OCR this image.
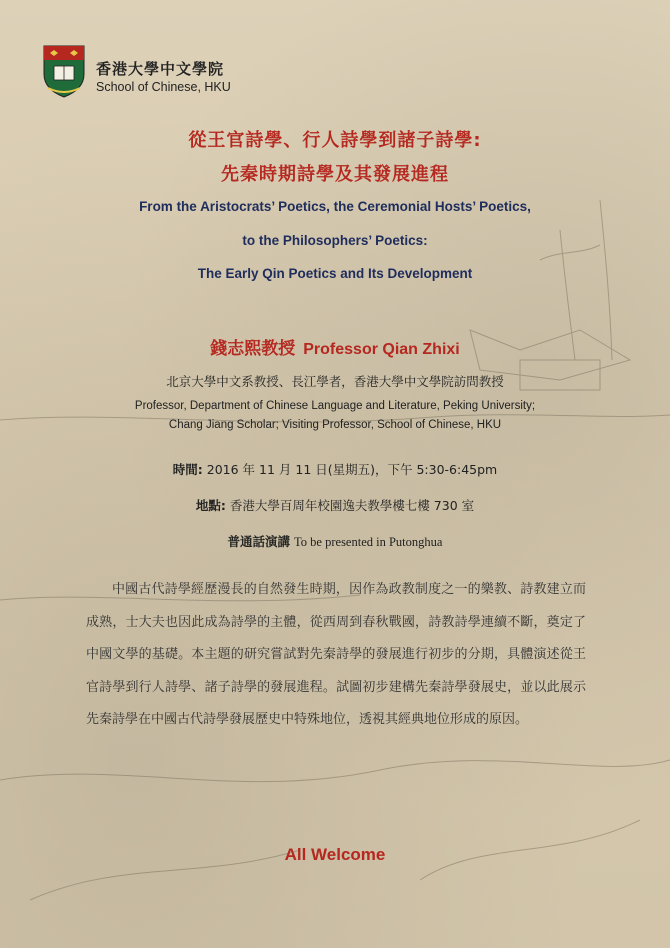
香港大學中文學院
School of Chinese, HKU
從王官詩學、行人詩學到諸子詩學:
先秦時期詩學及其發展進程
From the Aristocrats’ Poetics, the Ceremonial Hosts’ Poetics,
to the Philosophers’ Poetics:
The Early Qin Poetics and Its Development
錢志熙教授 Professor Qian Zhixi
北京大學中文系教授、長江學者，香港大學中文學院訪問教授
Professor, Department of Chinese Language and Literature, Peking University;
Chang Jiang Scholar; Visiting Professor, School of Chinese, HKU
時間: 2016 年 11 月 11 日(星期五)，下午 5:30-6:45pm
地點: 香港大學百周年校園逸夫教學樓七樓 730 室
普通話演講 To be presented in Putonghua
中國古代詩學經歷漫長的自然發生時期，因作為政教制度之一的樂教、詩教建立而成熟，士大夫也因此成為詩學的主體，從西周到春秋戰國，詩教詩學連續不斷，奠定了中國文學的基礎。本主題的研究嘗試對先秦詩學的發展進行初步的分期，具體演述從王官詩學到行人詩學、諸子詩學的發展進程。試圖初步建構先秦詩學發展史，並以此展示先秦詩學在中國古代詩學發展歷史中特殊地位，透視其經典地位形成的原因。
All Welcome
